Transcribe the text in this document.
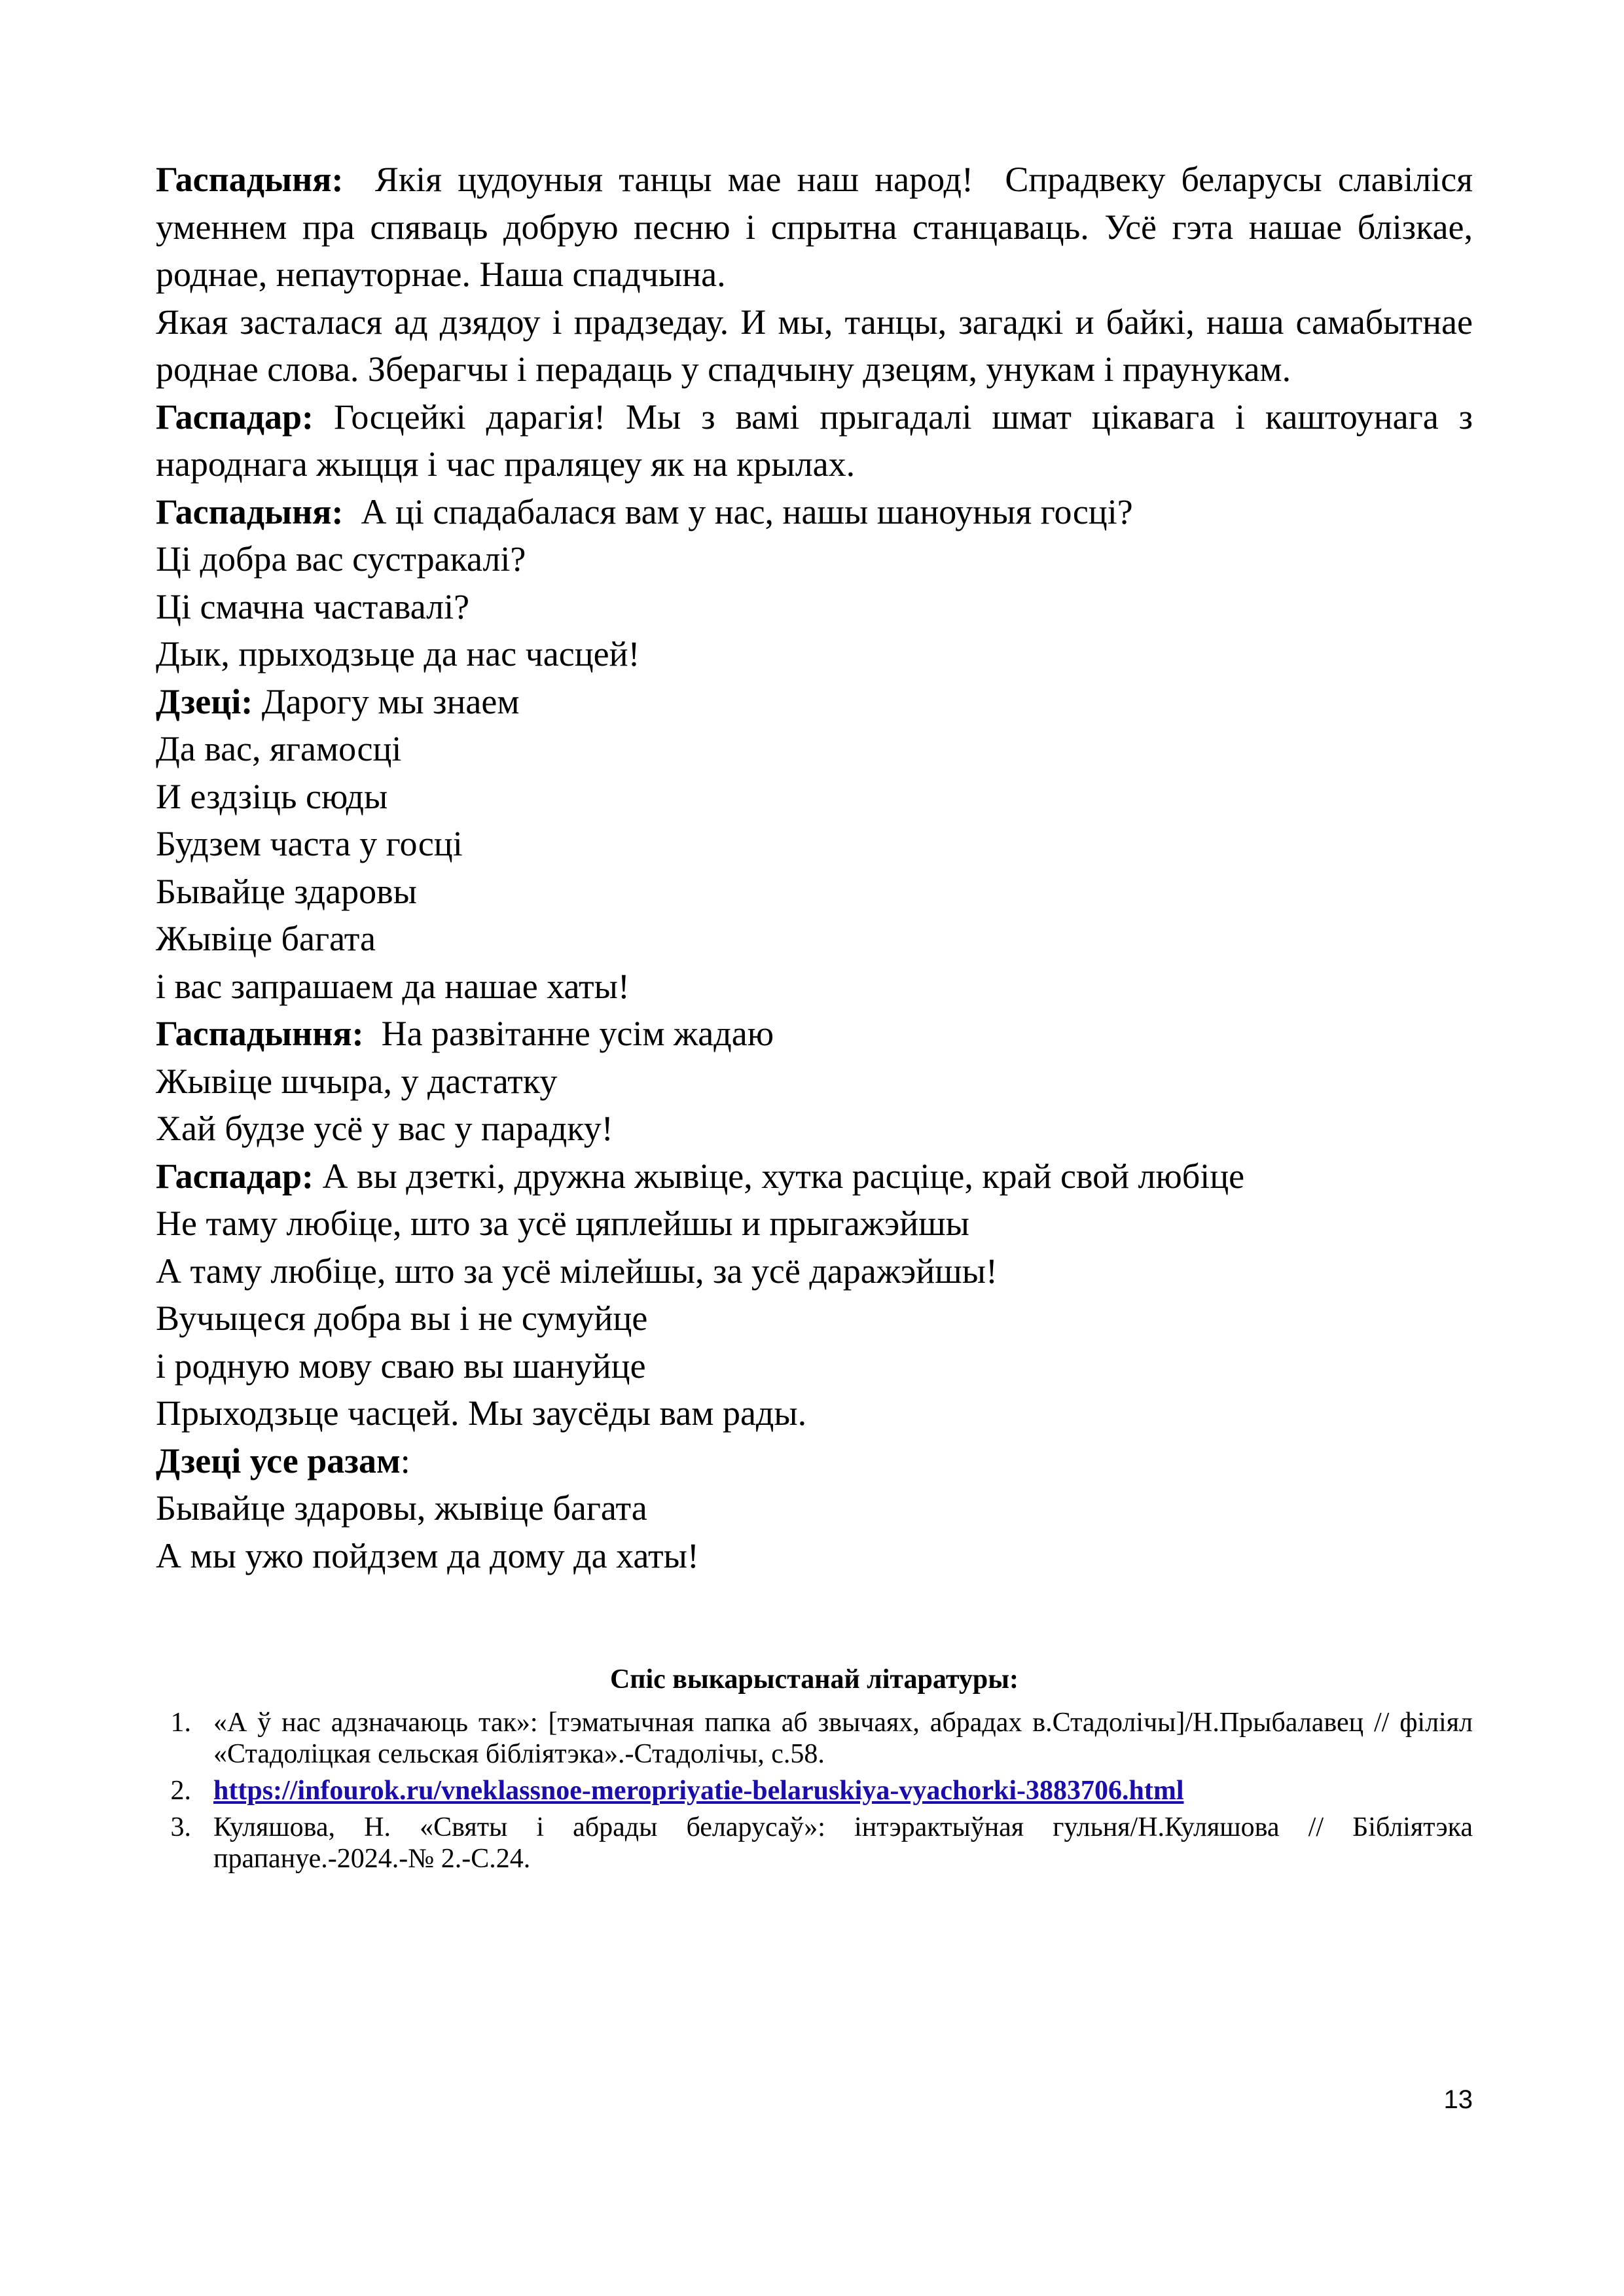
Гаспадыня:  Якія цудоуныя танцы мае наш народ!  Спрадвеку беларусы славіліся уменнем пра спяваць добрую песню і спрытна станцаваць. Усё гэта нашае блізкае, роднае, непауторнае. Наша спадчына.

Якая засталася ад дзядоу і прадзедау. И мы, танцы, загадкі и байкі, наша самабытнае роднае слова. Зберагчы і перадаць у спадчыну дзецям, унукам і праунукам.

Гаспадар: Госцейкі дарагія! Мы з вамі прыгадалі шмат цікавага і каштоунага з народнага жыцця і час праляцеу як на крылах.

Гаспадыня:  А ці спадабалася вам у нас, нашы шаноуныя госці?

Ці добра вас сустракалі?

Ці смачна частавалі?

Дык, прыходзьце да нас часцей!

Дзеці: Дарогу мы знаем

Да вас, ягамосці

И ездзіць сюды

Будзем часта у госці

Бывайце здаровы

Жывіце багата

і вас запрашаем да нашае хаты!

Гаспадыння:  На развітанне усім жадаю

Жывіце шчыра, у дастатку

Хай будзе усё у вас у парадку!

Гаспадар: А вы дзеткі, дружна жывіце, хутка расціце, край свой любіце

Не таму любіце, што за усё цяплейшы и прыгажэйшы

А таму любіце, што за усё мілейшы, за усё даражэйшы!

Вучыцеся добра вы і не сумуйце

і родную мову сваю вы шануйце

Прыходзьце часцей. Мы заусёды вам рады.

Дзеці усе разам:

Бывайце здаровы, жывіце багата

А мы ужо пойдзем да дому да хаты!

Спіс выкарыстанай літаратуры:

1. «А ў нас адзначаюць так»: [тэматычная папка аб звычаях, абрадах в.Стадолічы]/Н.Прыбалавец // філіял «Стадоліцкая сельская бібліятэка».-Стадолічы, с.58.
2. https://infourok.ru/vneklassnoe-meropriyatie-belaruskiya-vyachorki-3883706.html
3. Куляшова, Н. «Святы і абрады беларусаў»: інтэрактыўная гульня/Н.Куляшова // Бібліятэка прапануе.-2024.-№ 2.-С.24.
13
